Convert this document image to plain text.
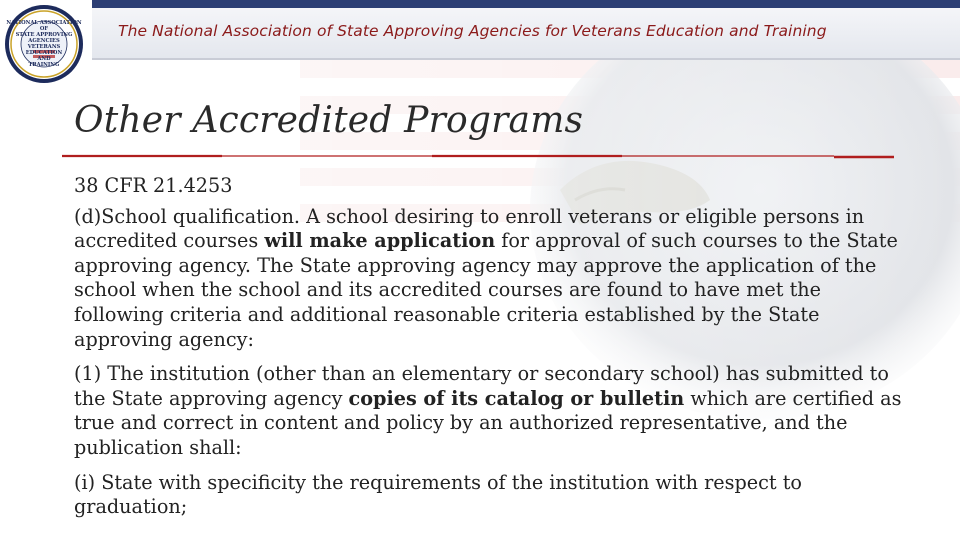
The National Association of State Approving Agencies for Veterans Education and Training
NATIONAL ASSOCIATION OF
STATE APPROVING
AGENCIES
VETERANS
EDUCATION
AND
TRAINING
Other Accredited Programs

38 CFR 21.4253

(d)School qualification. A school desiring to enroll veterans or eligible persons in accredited courses will make application for approval of such courses to the State approving agency. The State approving agency may approve the application of the school when the school and its accredited courses are found to have met the following criteria and additional reasonable criteria established by the State approving agency:

(1) The institution (other than an elementary or secondary school) has submitted to the State approving agency copies of its catalog or bulletin which are certified as true and correct in content and policy by an authorized representative, and the publication shall:

(i) State with specificity the requirements of the institution with respect to graduation;
